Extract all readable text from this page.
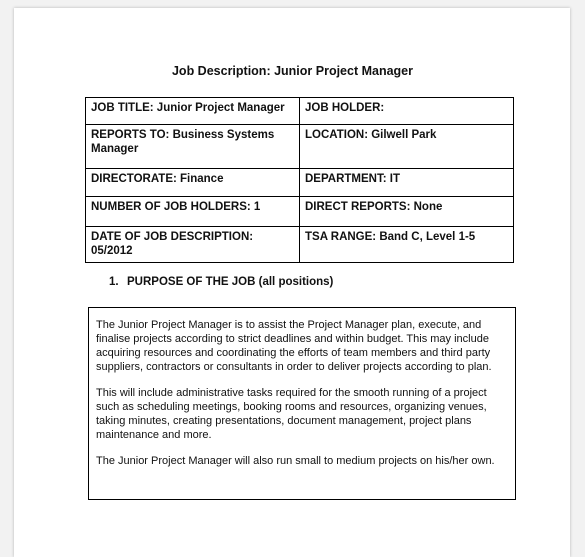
Job Description: Junior Project Manager
JOB TITLE: Junior Project Manager	JOB HOLDER:
REPORTS TO: Business Systems Manager	LOCATION: Gilwell Park
DIRECTORATE: Finance	DEPARTMENT: IT
NUMBER OF JOB HOLDERS: 1	DIRECT REPORTS: None
DATE OF JOB DESCRIPTION: 05/2012	TSA RANGE: Band C, Level 1-5
1. PURPOSE OF THE JOB (all positions)

The Junior Project Manager is to assist the Project Manager plan, execute, and finalise projects according to strict deadlines and within budget. This may include acquiring resources and coordinating the efforts of team members and third party suppliers, contractors or consultants in order to deliver projects according to plan.

This will include administrative tasks required for the smooth running of a project such as scheduling meetings, booking rooms and resources, organizing venues, taking minutes, creating presentations, document management, project plans maintenance and more.

The Junior Project Manager will also run small to medium projects on his/her own.
